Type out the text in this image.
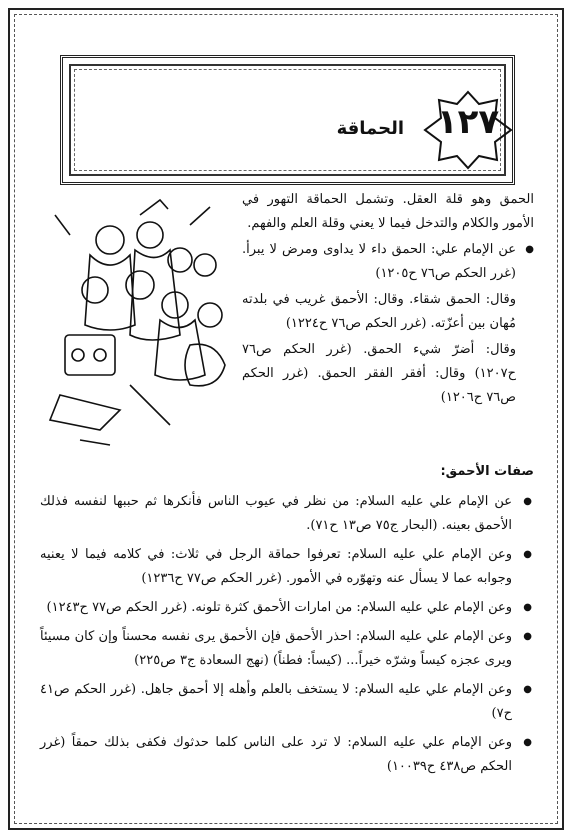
١٢٧
الحماقة

الحمق وهو قلة العقل. وتشمل الحماقة التهور في الأمور والكلام والتدخل فيما لا يعني وقلة العلم والفهم.

● عن الإمام علي: الحمق داء لا يداوى ومرض لا يبرأ. (غرر الحكم ص٧٦ ح١٢٠٥)
وقال: الحمق شقاء. وقال: الأحمق غريب في بلدته مُهان بين أعزّته. (غرر الحكم ص٧٦ ح١٢٢٤)
وقال: أضرّ شيء الحمق. (غرر الحكم ص٧٦ ح١٢٠٧) وقال: أفقر الفقر الحمق. (غرر الحكم ص٧٦ ح١٢٠٦)
صفات الأحمق:
● عن الإمام علي عليه السلام: من نظر في عيوب الناس فأنكرها ثم حببها لنفسه فذلك الأحمق بعينه. (البحار ج٧٥ ص١٣ ح٧١).
● وعن الإمام علي عليه السلام: تعرفوا حماقة الرجل في ثلاث: في كلامه فيما لا يعنيه وجوابه عما لا يسأل عنه وتهوّره في الأمور. (غرر الحكم ص٧٧ ح١٢٣٦)
● وعن الإمام علي عليه السلام: من امارات الأحمق كثرة تلونه. (غرر الحكم ص٧٧ ح١٢٤٣)
● وعن الإمام علي عليه السلام: احذر الأحمق فإن الأحمق يرى نفسه محسناً وإن كان مسيئاً ويرى عجزه كيساً وشرّه خيراً... (كيساً: فطناً) (نهج السعادة ج٣ ص٢٢٥)
● وعن الإمام علي عليه السلام: لا يستخف بالعلم وأهله إلا أحمق جاهل. (غرر الحكم ص٤١ ح٧)
● وعن الإمام علي عليه السلام: لا ترد على الناس كلما حدثوك فكفى بذلك حمقاً (غرر الحكم ص٤٣٨ ح١٠٠٣٩)
